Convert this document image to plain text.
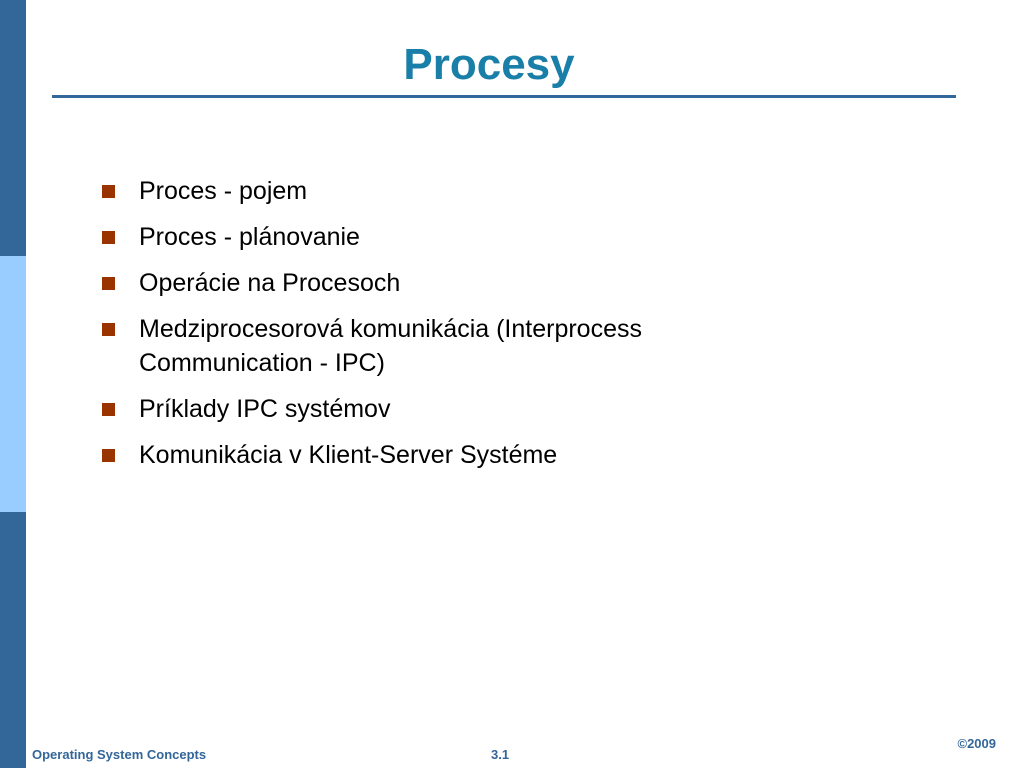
Procesy
Proces - pojem
Proces - plánovanie
Operácie na Procesoch
Medziprocesorová komunikácia (Interprocess Communication - IPC)
Príklady IPC systémov
Komunikácia v Klient-Server Systéme
Operating System Concepts	3.1
©2009
